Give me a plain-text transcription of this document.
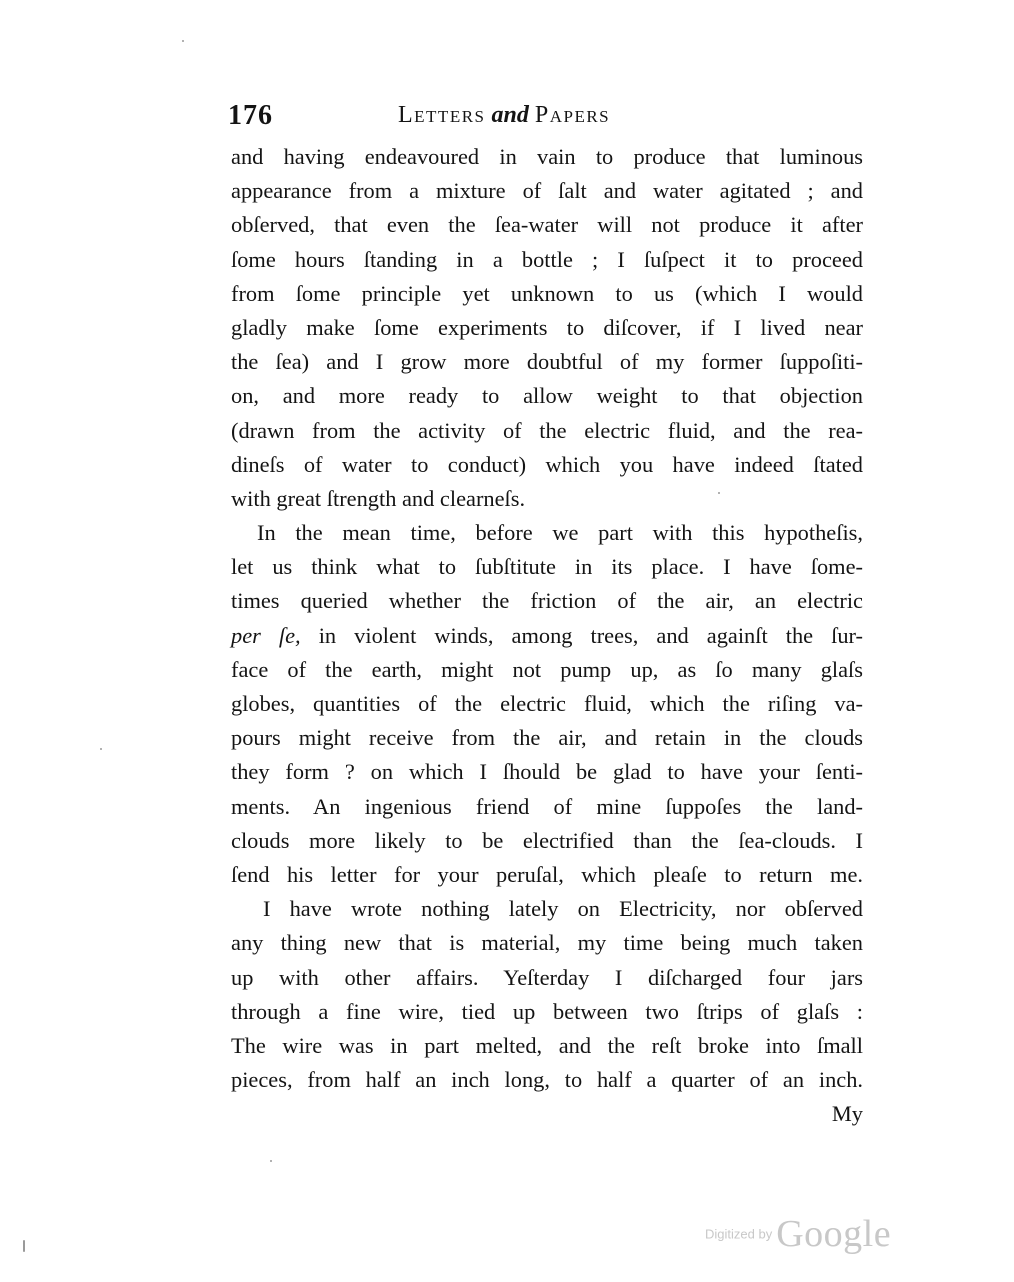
176	Letters and Papers
and having endeavoured in vain to produce that luminous
appearance from a mixture of ſalt and water agitated ; and
obſerved, that even the ſea-water will not produce it after
ſome hours ſtanding in a bottle ; I ſuſpect it to proceed
from ſome principle yet unknown to us (which I would
gladly make ſome experiments to diſcover, if I lived near
the ſea) and I grow more doubtful of my former ſuppoſiti-
on, and more ready to allow weight to that objection
(drawn from the activity of the electric fluid, and the rea-
dineſs of water to conduct) which you have indeed ſtated
with great ſtrength and clearneſs.
In the mean time, before we part with this hypotheſis,
let us think what to ſubſtitute in its place. I have ſome-
times queried whether the friction of the air, an electric
per ſe, in violent winds, among trees, and againſt the ſur-
face of the earth, might not pump up, as ſo many glaſs
globes, quantities of the electric fluid, which the riſing va-
pours might receive from the air, and retain in the clouds
they form ? on which I ſhould be glad to have your ſenti-
ments. An ingenious friend of mine ſuppoſes the land-
clouds more likely to be electrified than the ſea-clouds. I
ſend his letter for your peruſal, which pleaſe to return me.
I have wrote nothing lately on Electricity, nor obſerved
any thing new that is material, my time being much taken
up with other affairs. Yeſterday I diſcharged four jars
through a fine wire, tied up between two ſtrips of glaſs :
The wire was in part melted, and the reſt broke into ſmall
pieces, from half an inch long, to half a quarter of an inch.
My
Digitized by Google
